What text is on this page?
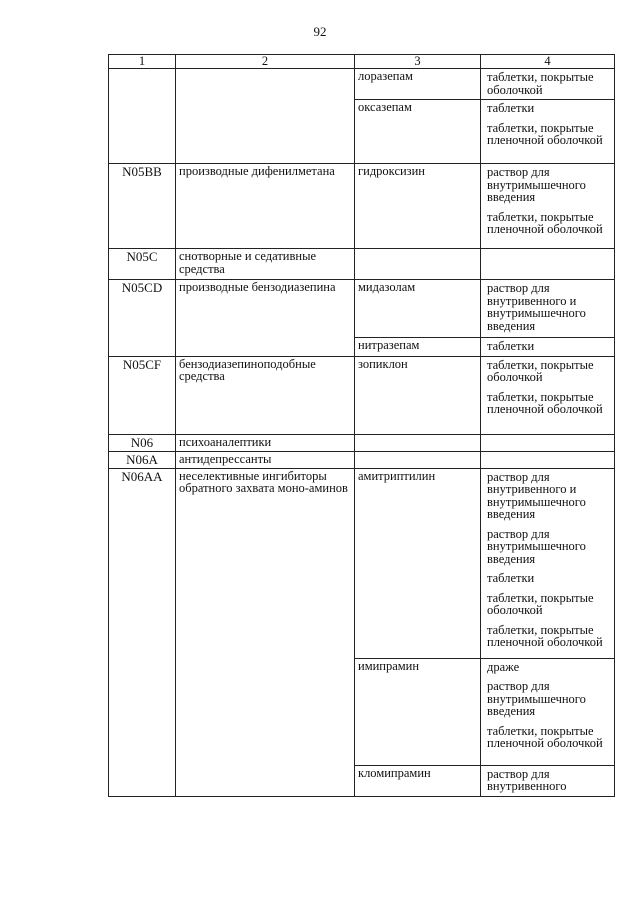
92
1	2	3	4
		лоразепам	таблетки, покрытые оболочкой

		оксазепам	таблетки
таблетки, покрытые пленочной оболочкой

N05BB	производные дифенилметана	гидроксизин	раствор для внутримышечного введения
таблетки, покрытые пленочной оболочкой

N05C	снотворные и седативные средства		
N05CD	производные бензодиазепина	мидазолам	раствор для внутривенного и внутримышечного введения

		нитразепам	таблетки

N05CF	бензодиазепиноподобные средства	зопиклон	таблетки, покрытые оболочкой
таблетки, покрытые пленочной оболочкой

N06	психоаналептики		
N06A	антидепрессанты		
N06AA	неселективные ингибиторы обратного захвата моно-аминов	амитриптилин	раствор для внутривенного и внутримышечного введения
раствор для внутримышечного введения
таблетки
таблетки, покрытые оболочкой
таблетки, покрытые пленочной оболочкой

		имипрамин	драже
раствор для внутримышечного введения
таблетки, покрытые пленочной оболочкой

		кломипрамин	раствор для внутривенного
